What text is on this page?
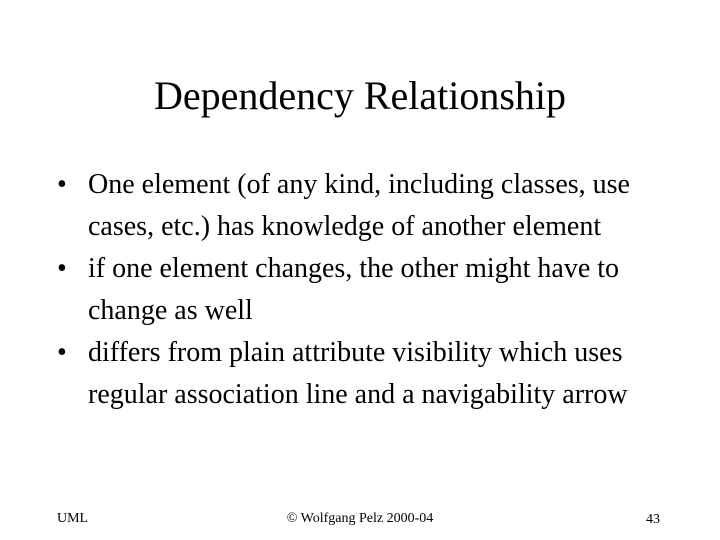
Dependency Relationship
• One element (of any kind, including classes, use cases, etc.) has knowledge of another element
• if one element changes, the other might have to change as well
• differs from plain attribute visibility which uses regular association line and a navigability arrow
UML	© Wolfgang Pelz 2000-04	43
